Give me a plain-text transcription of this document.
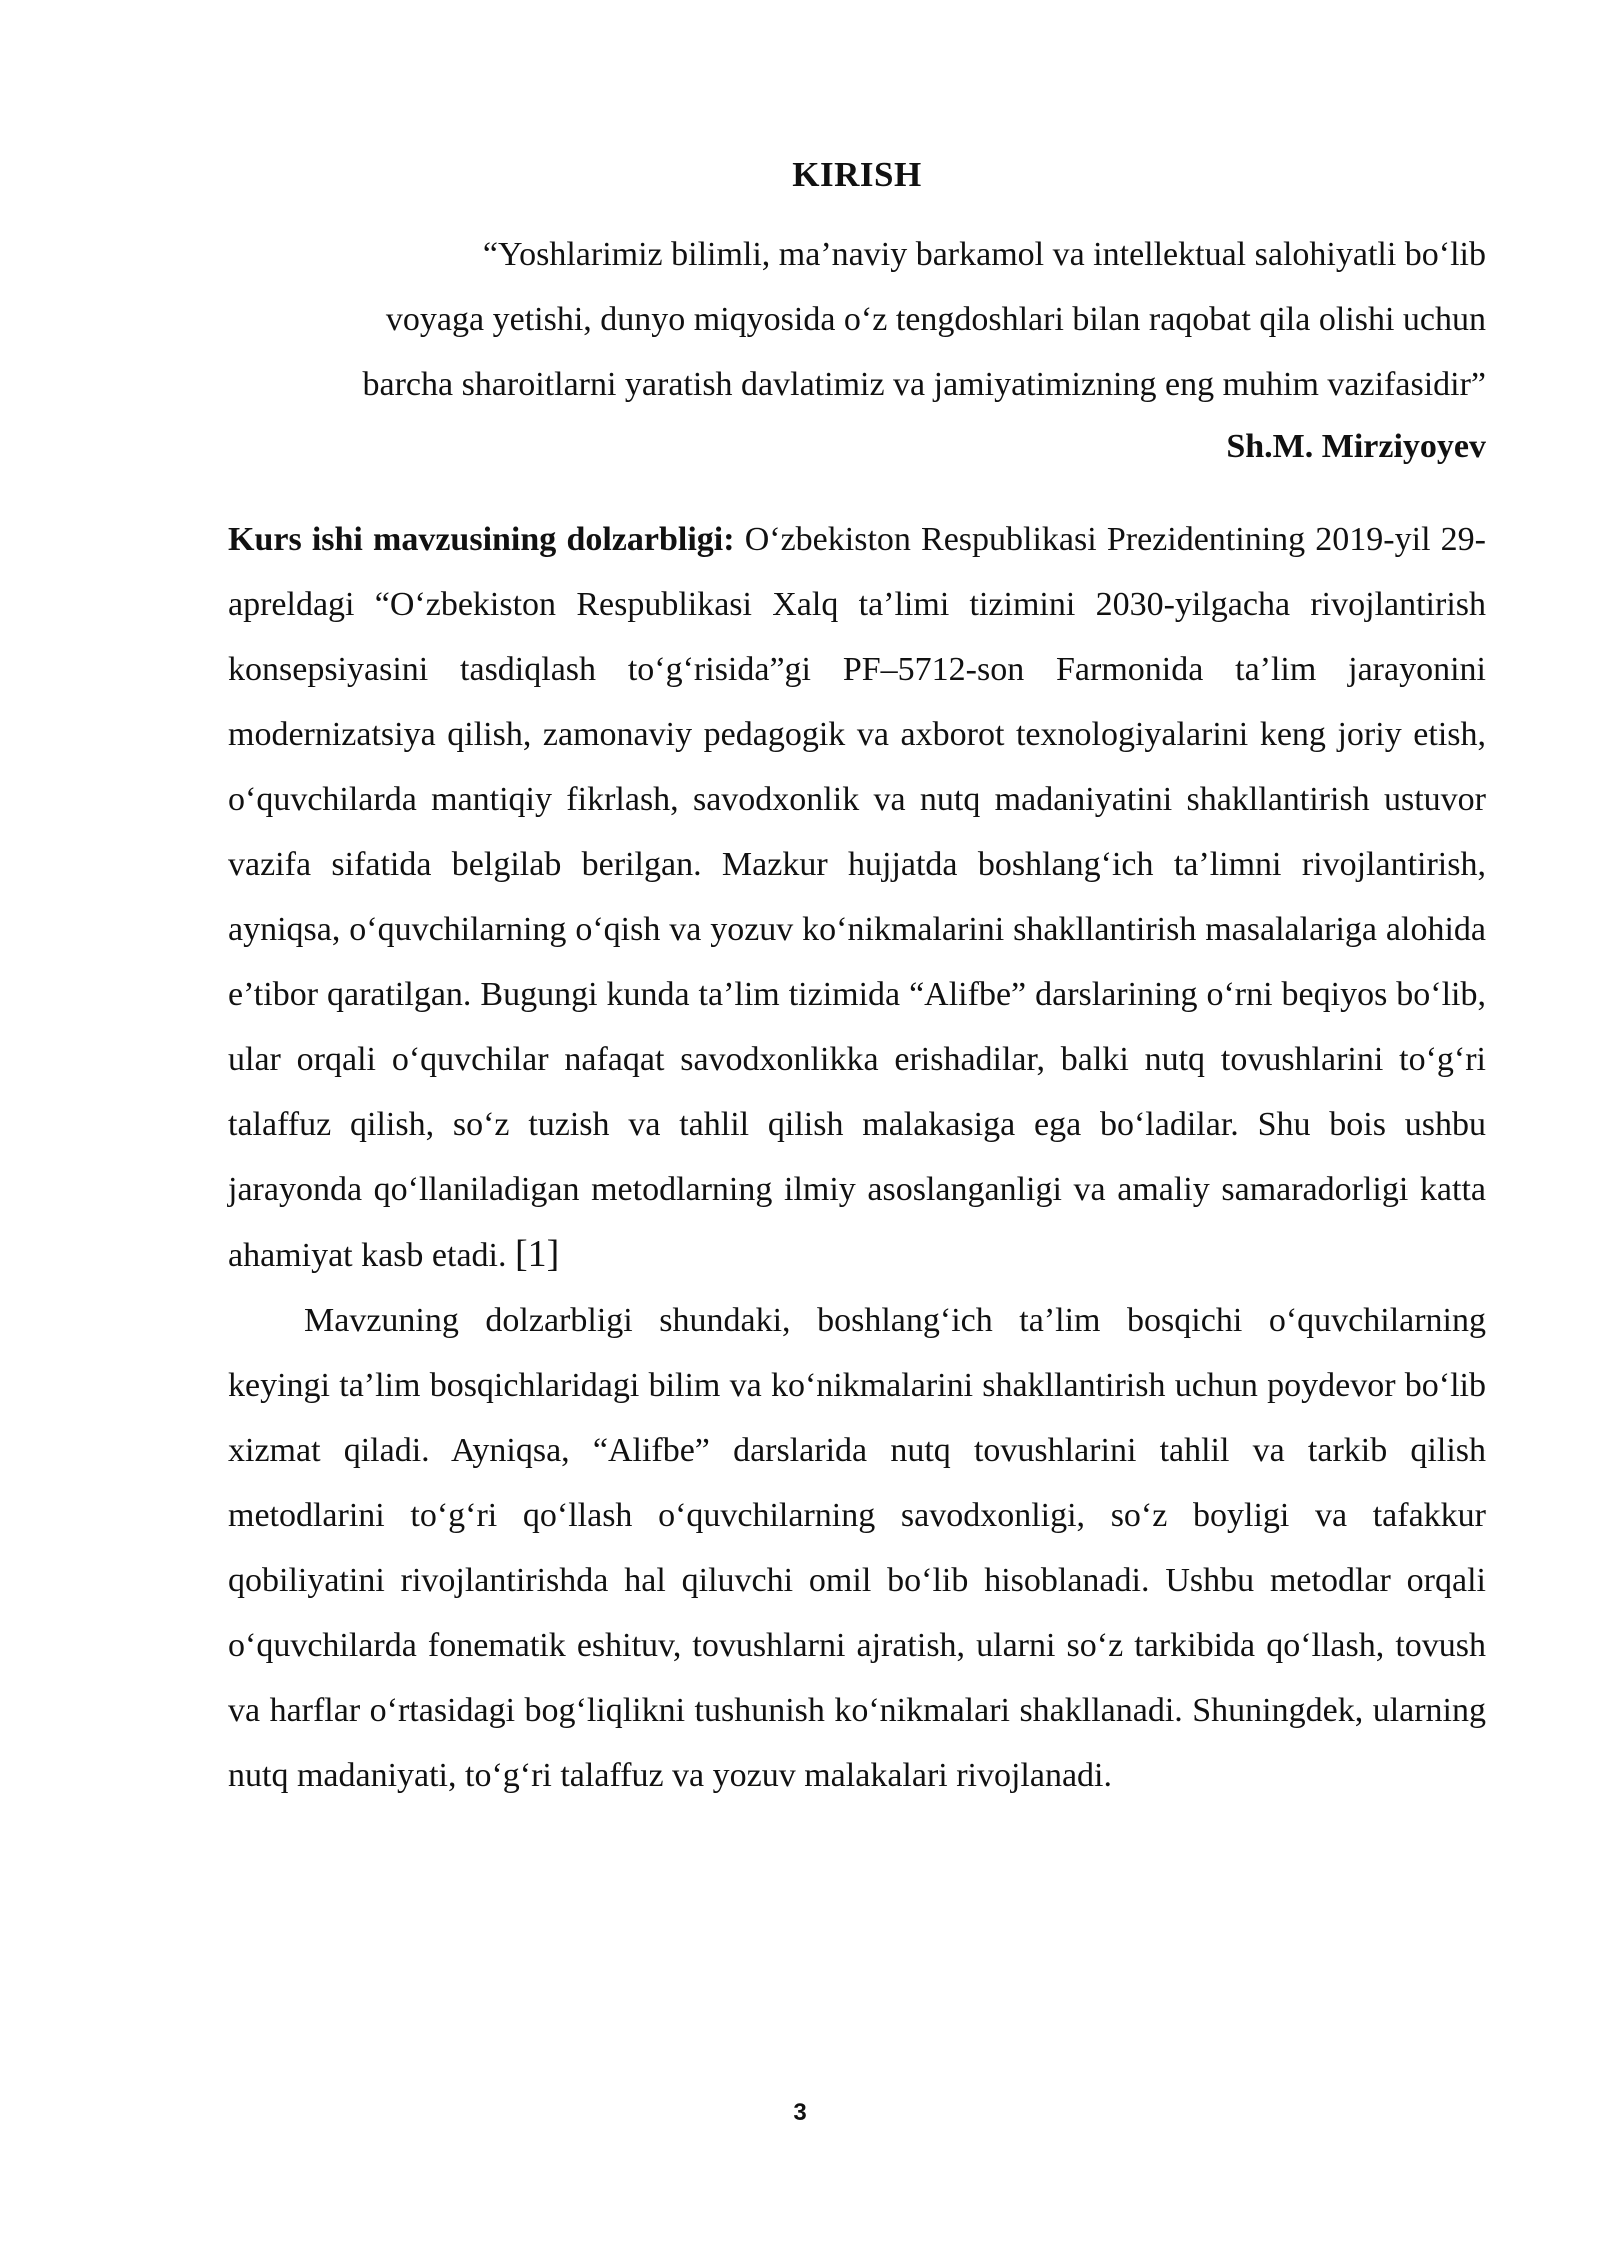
KIRISH

“Yoshlarimiz bilimli, ma’naviy barkamol va intellektual salohiyatli bo‘lib

voyaga yetishi, dunyo miqyosida o‘z tengdoshlari bilan raqobat qila olishi uchun

barcha sharoitlarni yaratish davlatimiz va jamiyatimizning eng muhim vazifasidir”

Sh.M. Mirziyoyev

Kurs ishi mavzusining dolzarbligi: O‘zbekiston Respublikasi Prezidentining 2019-yil 29-apreldagi “O‘zbekiston Respublikasi Xalq ta’limi tizimini 2030-yilgacha rivojlantirish konsepsiyasini tasdiqlash to‘g‘risida”gi PF–5712-son Farmonida ta’lim jarayonini modernizatsiya qilish, zamonaviy pedagogik va axborot texnologiyalarini keng joriy etish, o‘quvchilarda mantiqiy fikrlash, savodxonlik va nutq madaniyatini shakllantirish ustuvor vazifa sifatida belgilab berilgan. Mazkur hujjatda boshlang‘ich ta’limni rivojlantirish, ayniqsa, o‘quvchilarning o‘qish va yozuv ko‘nikmalarini shakllantirish masalalariga alohida e’tibor qaratilgan. Bugungi kunda ta’lim tizimida “Alifbe” darslarining o‘rni beqiyos bo‘lib, ular orqali o‘quvchilar nafaqat savodxonlikka erishadilar, balki nutq tovushlarini to‘g‘ri talaffuz qilish, so‘z tuzish va tahlil qilish malakasiga ega bo‘ladilar. Shu bois ushbu jarayonda qo‘llaniladigan metodlarning ilmiy asoslanganligi va amaliy samaradorligi katta ahamiyat kasb etadi. [1]

Mavzuning dolzarbligi shundaki, boshlang‘ich ta’lim bosqichi o‘quvchilarning keyingi ta’lim bosqichlaridagi bilim va ko‘nikmalarini shakllantirish uchun poydevor bo‘lib xizmat qiladi. Ayniqsa, “Alifbe” darslarida nutq tovushlarini tahlil va tarkib qilish metodlarini to‘g‘ri qo‘llash o‘quvchilarning savodxonligi, so‘z boyligi va tafakkur qobiliyatini rivojlantirishda hal qiluvchi omil bo‘lib hisoblanadi. Ushbu metodlar orqali o‘quvchilarda fonematik eshituv, tovushlarni ajratish, ularni so‘z tarkibida qo‘llash, tovush va harflar o‘rtasidagi bog‘liqlikni tushunish ko‘nikmalari shakllanadi. Shuningdek, ularning nutq madaniyati, to‘g‘ri talaffuz va yozuv malakalari rivojlanadi.

3
